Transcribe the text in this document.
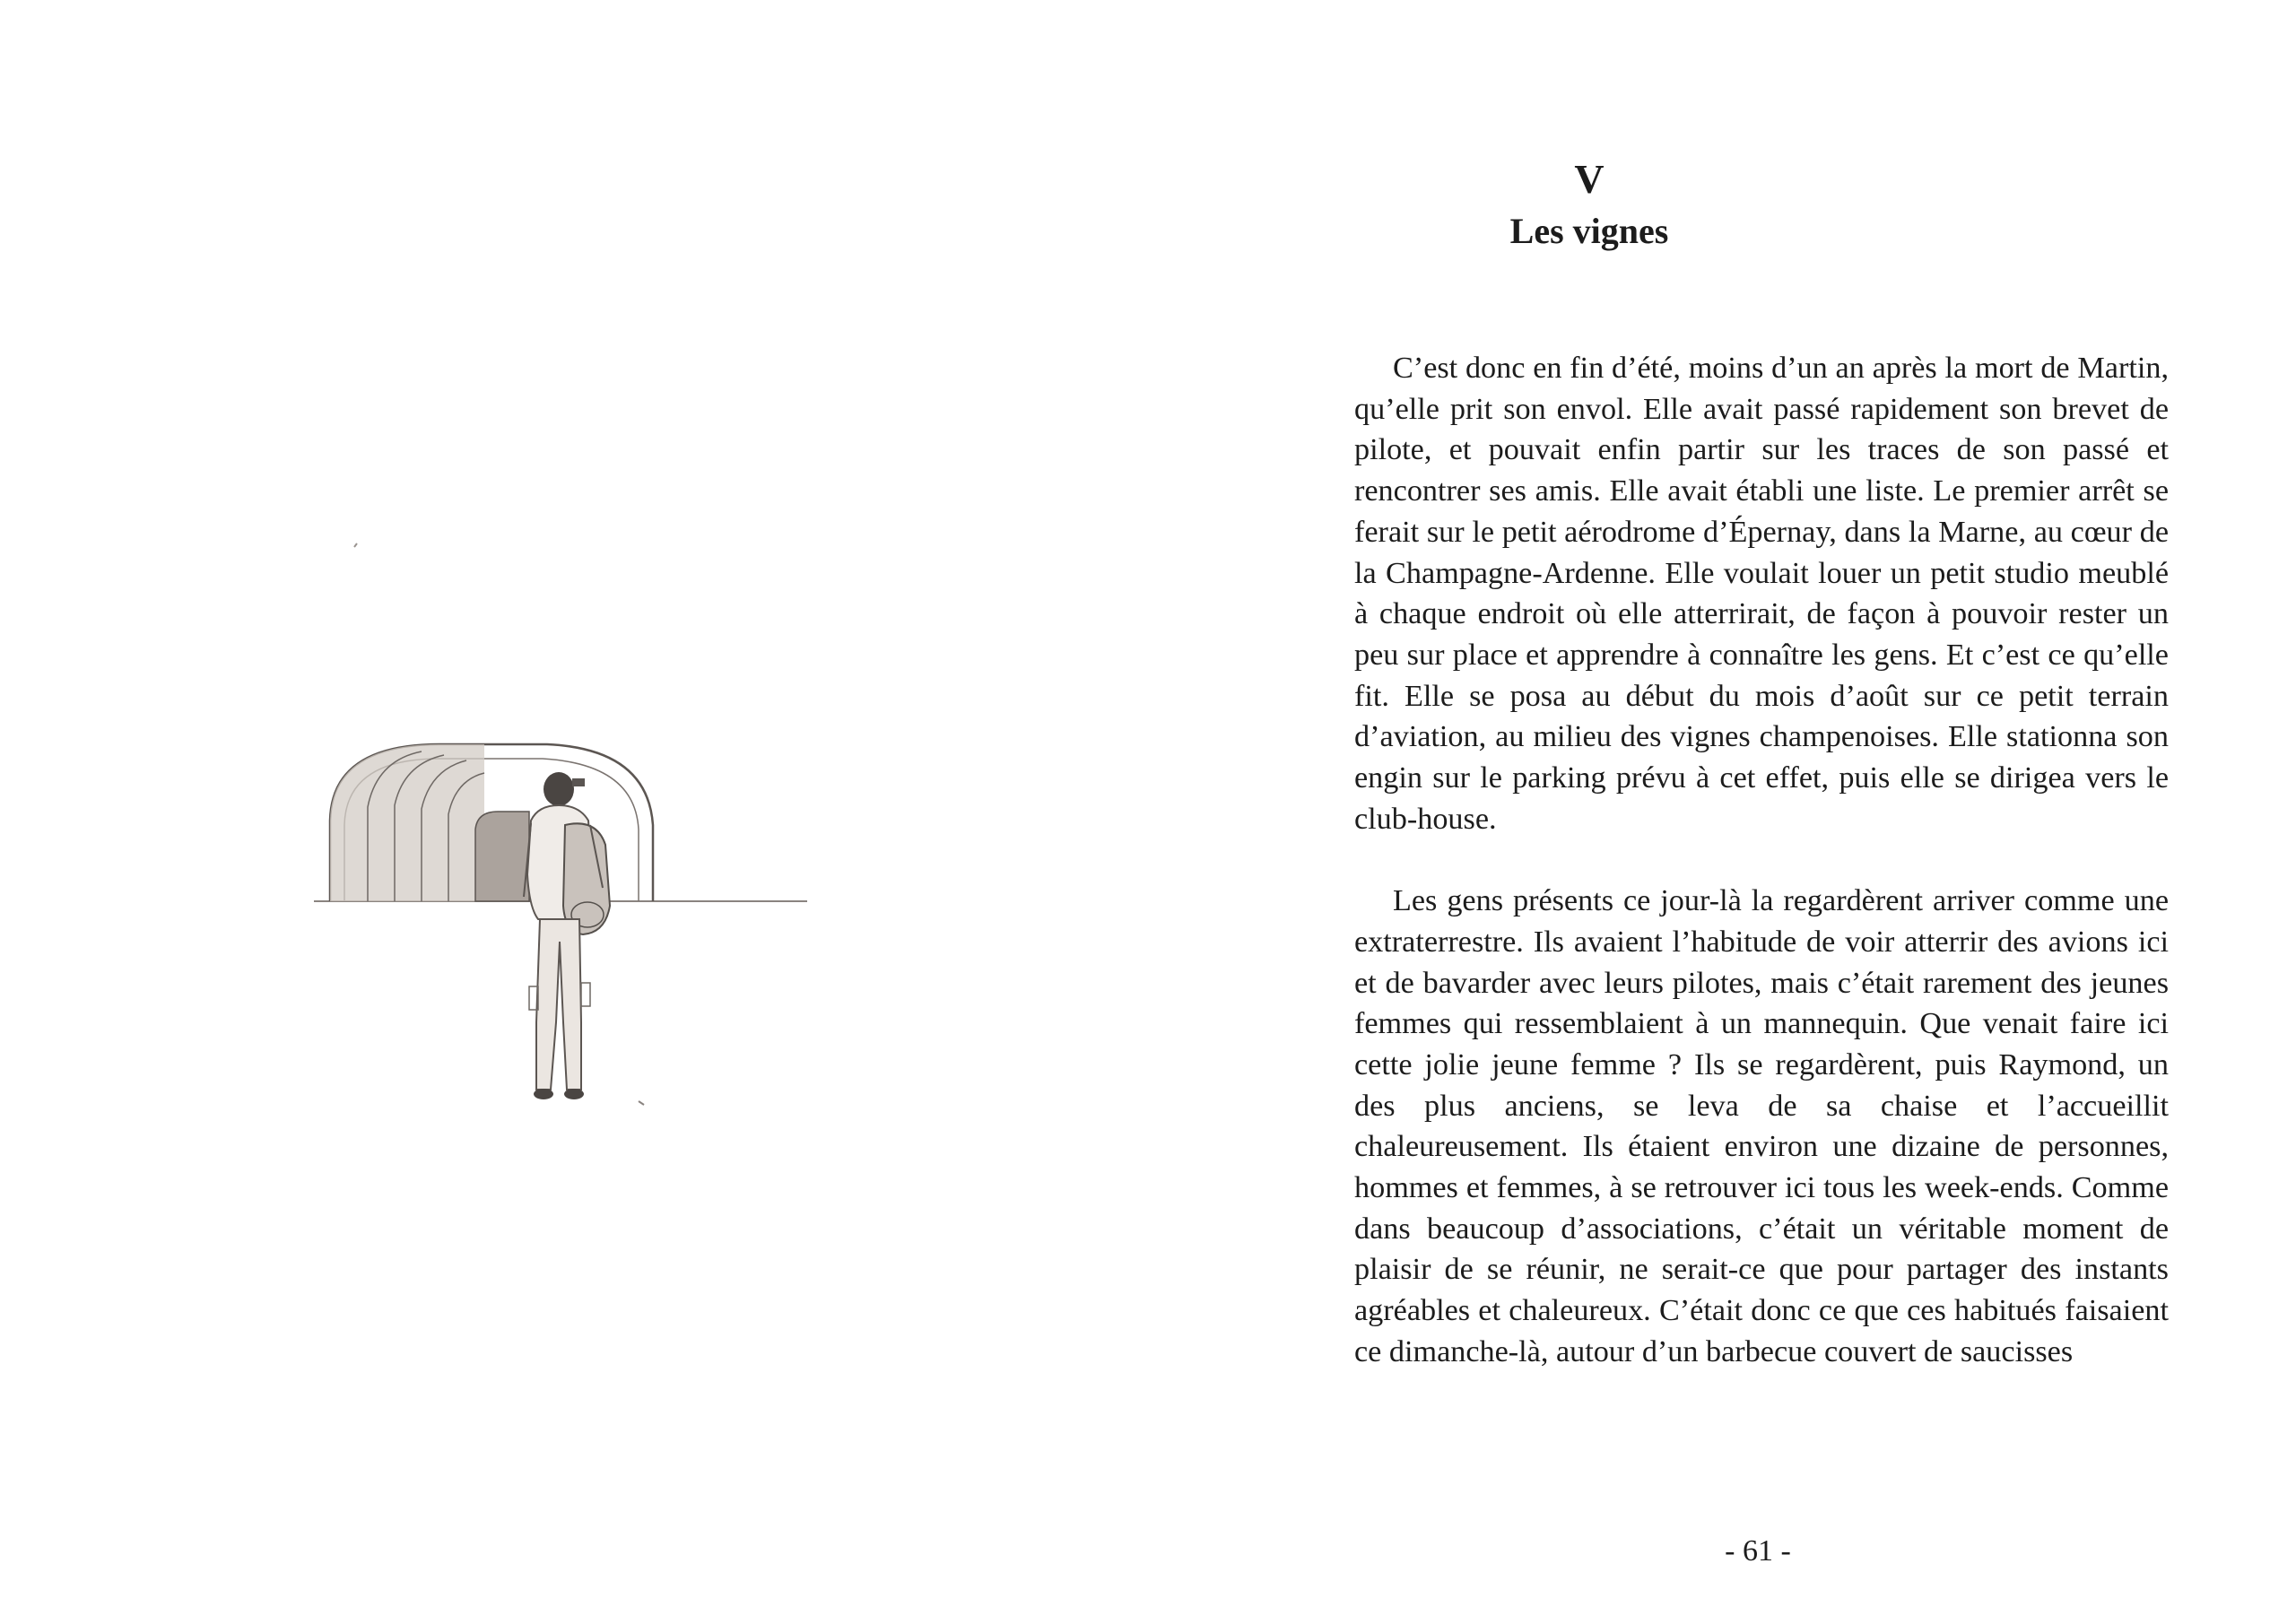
V
Les vignes

C’est donc en fin d’été, moins d’un an après la mort de Martin, qu’elle prit son envol. Elle avait passé rapidement son brevet de pilote, et pouvait enfin partir sur les traces de son passé et rencontrer ses amis. Elle avait établi une liste. Le premier arrêt se ferait sur le petit aérodrome d’Épernay, dans la Marne, au cœur de la Champagne-Ardenne. Elle voulait louer un petit studio meublé à chaque endroit où elle atterrirait, de façon à pouvoir rester un peu sur place et apprendre à connaître les gens. Et c’est ce qu’elle fit. Elle se posa au début du mois d’août sur ce petit terrain d’aviation, au milieu des vignes champenoises. Elle stationna son engin sur le parking prévu à cet effet, puis elle se dirigea vers le club-house.

Les gens présents ce jour-là la regardèrent arriver comme une extraterrestre. Ils avaient l’habitude de voir atterrir des avions ici et de bavarder avec leurs pilotes, mais c’était rarement des jeunes femmes qui ressemblaient à un mannequin. Que venait faire ici cette jolie jeune femme ? Ils se regardèrent, puis Raymond, un des plus anciens, se leva de sa chaise et l’accueillit chaleureusement. Ils étaient environ une dizaine de personnes, hommes et femmes, à se retrouver ici tous les week-ends. Comme dans beaucoup d’associations, c’était un véritable moment de plaisir de se réunir, ne serait-ce que pour partager des instants agréables et chaleureux. C’était donc ce que ces habitués faisaient ce dimanche-là, autour d’un barbecue couvert de saucisses

- 61 -
